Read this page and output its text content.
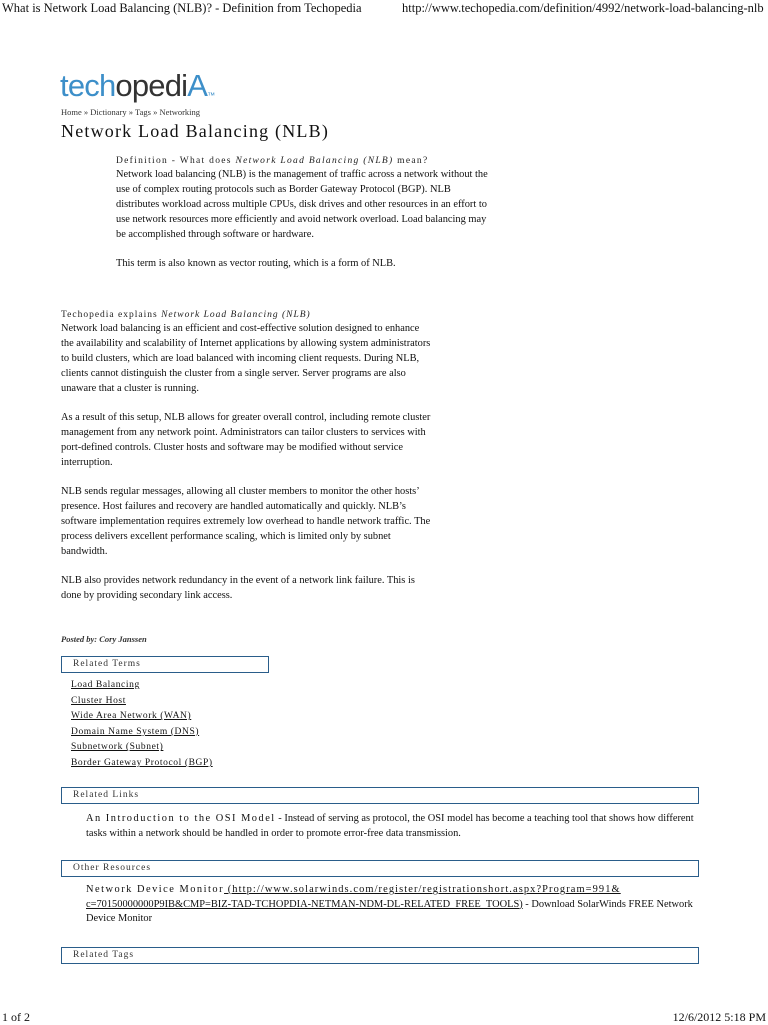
What is Network Load Balancing (NLB)? - Definition from Techopedia	http://www.techopedia.com/definition/4992/network-load-balancing-nlb
techopediA™
Home » Dictionary » Tags » Networking
Network Load Balancing (NLB)

Definition - What does Network Load Balancing (NLB) mean?

Network load balancing (NLB) is the management of traffic across a network without the use of complex routing protocols such as Border Gateway Protocol (BGP). NLB distributes workload across multiple CPUs, disk drives and other resources in an effort to use network resources more efficiently and avoid network overload. Load balancing may be accomplished through software or hardware.

This term is also known as vector routing, which is a form of NLB.

Techopedia explains Network Load Balancing (NLB)

Network load balancing is an efficient and cost-effective solution designed to enhance the availability and scalability of Internet applications by allowing system administrators to build clusters, which are load balanced with incoming client requests. During NLB, clients cannot distinguish the cluster from a single server. Server programs are also unaware that a cluster is running.

As a result of this setup, NLB allows for greater overall control, including remote cluster management from any network point. Administrators can tailor clusters to services with port-defined controls. Cluster hosts and software may be modified without service interruption.

NLB sends regular messages, allowing all cluster members to monitor the other hosts’ presence. Host failures and recovery are handled automatically and quickly. NLB’s software implementation requires extremely low overhead to handle network traffic. The process delivers excellent performance scaling, which is limited only by subnet bandwidth.

NLB also provides network redundancy in the event of a network link failure. This is done by providing secondary link access.

Posted by: Cory Janssen
Related Terms
Load Balancing
Cluster Host
Wide Area Network (WAN)
Domain Name System (DNS)
Subnetwork (Subnet)
Border Gateway Protocol (BGP)
Related Links
An Introduction to the OSI Model - Instead of serving as protocol, the OSI model has become a teaching tool that shows how different tasks within a network should be handled in order to promote error-free data transmission.
Other Resources
Network Device Monitor (http://www.solarwinds.com/register/registrationshort.aspx?Program=991&
c=70150000000P9IB&CMP=BIZ-TAD-TCHOPDIA-NETMAN-NDM-DL-RELATED_FREE_TOOLS) - Download SolarWinds FREE Network Device Monitor
Related Tags
1 of 2	12/6/2012 5:18 PM
